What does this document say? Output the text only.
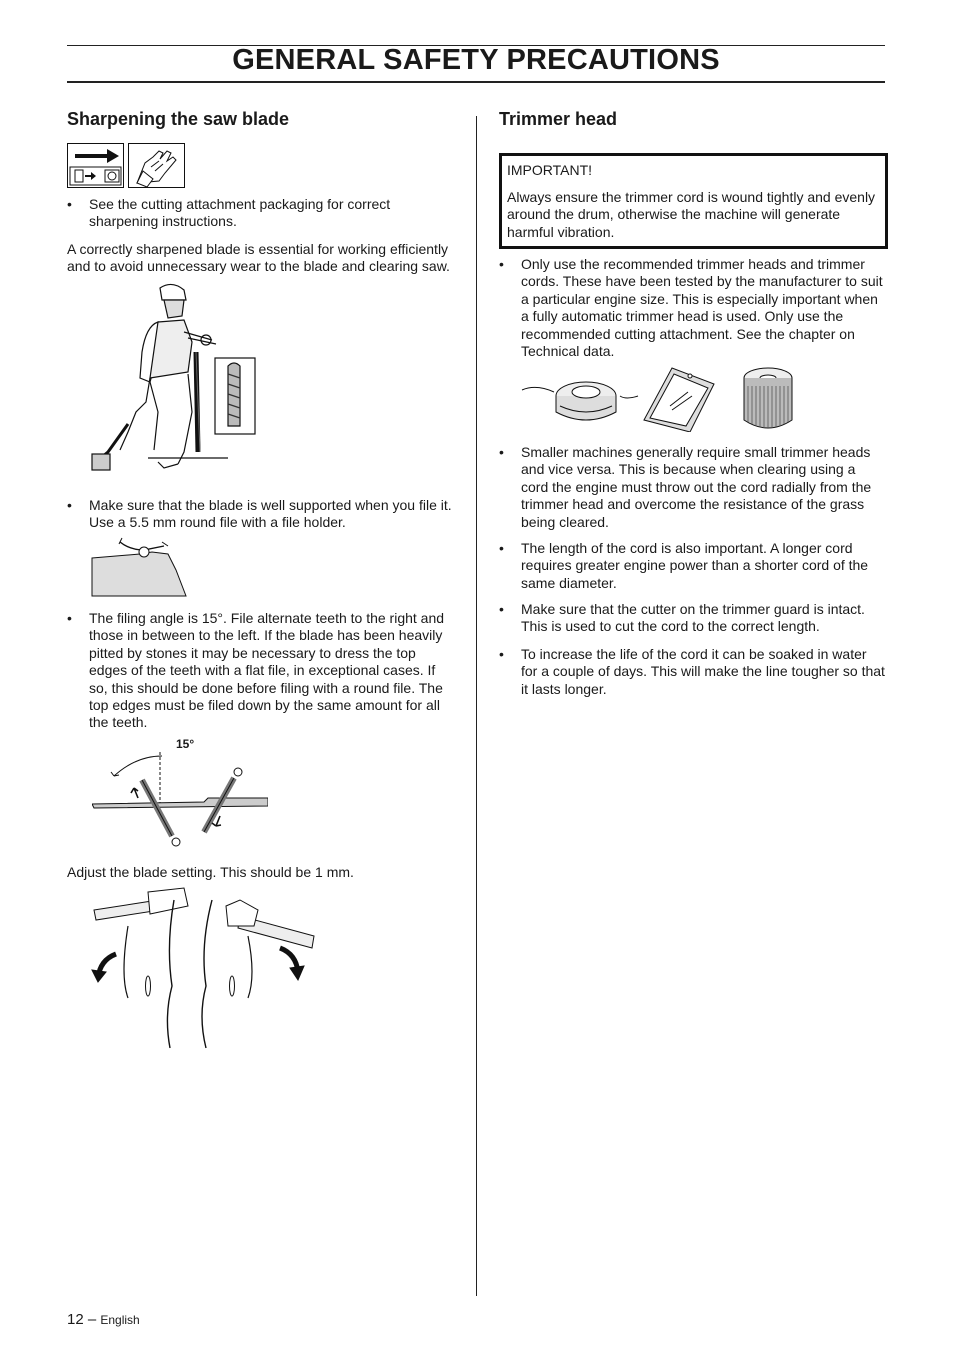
GENERAL SAFETY PRECAUTIONS
Sharpening the saw blade
• See the cutting attachment packaging for correct sharpening instructions.

A correctly sharpened blade is essential for working efficiently and to avoid unnecessary wear to the blade and clearing saw.

• Make sure that the blade is well supported when you file it. Use a 5.5 mm round file with a file holder.
• The filing angle is 15°. File alternate teeth to the right and those in between to the left. If the blade has been heavily pitted by stones it may be necessary to dress the top edges of the teeth with a flat file, in exceptional cases. If so, this should be done before filing with a round file. The top edges must be filed down by the same amount for all the teeth.
15°

Adjust the blade setting. This should be 1 mm.

Trimmer head
IMPORTANT!
Always ensure the trimmer cord is wound tightly and evenly around the drum, otherwise the machine will generate harmful vibration.
• Only use the recommended trimmer heads and trimmer cords. These have been tested by the manufacturer to suit a particular engine size. This is especially important when a fully automatic trimmer head is used. Only use the recommended cutting attachment. See the chapter on Technical data.
• Smaller machines generally require small trimmer heads and vice versa. This is because when clearing using a cord the engine must throw out the cord radially from the trimmer head and overcome the resistance of the grass being cleared.
• The length of the cord is also important. A longer cord requires greater engine power than a shorter cord of the same diameter.
• Make sure that the cutter on the trimmer guard is intact. This is used to cut the cord to the correct length.
• To increase the life of the cord it can be soaked in water for a couple of days. This will make the line tougher so that it lasts longer.
12 – English
